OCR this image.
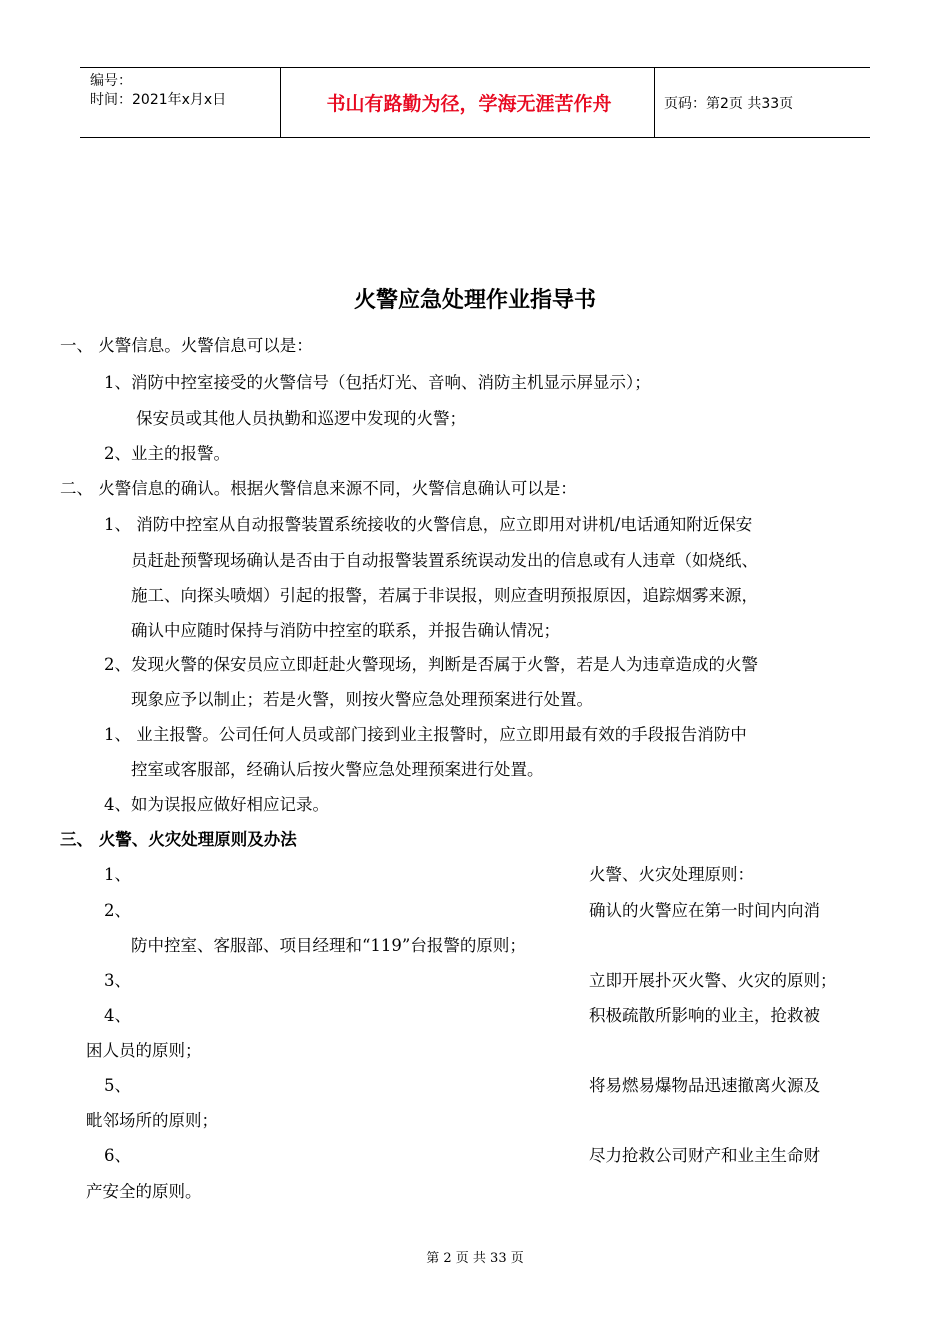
编号：
时间：2021年x月x日	书山有路勤为径，学海无涯苦作舟	页码：第2页 共33页
火警应急处理作业指导书
一、 火警信息。火警信息可以是：
1、消防中控室接受的火警信号（包括灯光、音响、消防主机显示屏显示）；
保安员或其他人员执勤和巡逻中发现的火警；
2、业主的报警。
二、 火警信息的确认。根据火警信息来源不同，火警信息确认可以是：
1、 消防中控室从自动报警装置系统接收的火警信息，应立即用对讲机/电话通知附近保安
员赶赴预警现场确认是否由于自动报警装置系统误动发出的信息或有人违章（如烧纸、
施工、向探头喷烟）引起的报警，若属于非误报，则应查明预报原因，追踪烟雾来源，
确认中应随时保持与消防中控室的联系，并报告确认情况；
2、发现火警的保安员应立即赶赴火警现场，判断是否属于火警，若是人为违章造成的火警
现象应予以制止；若是火警，则按火警应急处理预案进行处置。
1、 业主报警。公司任何人员或部门接到业主报警时，应立即用最有效的手段报告消防中
控室或客服部，经确认后按火警应急处理预案进行处置。
4、如为误报应做好相应记录。
三、 火警、火灾处理原则及办法
1、	火警、火灾处理原则：
2、	确认的火警应在第一时间内向消
防中控室、客服部、项目经理和“119”台报警的原则；
3、	立即开展扑灭火警、火灾的原则；
4、	积极疏散所影响的业主，抢救被
困人员的原则；
5、	将易燃易爆物品迅速撤离火源及
毗邻场所的原则；
6、	尽力抢救公司财产和业主生命财
产安全的原则。
第 2 页 共 33 页
